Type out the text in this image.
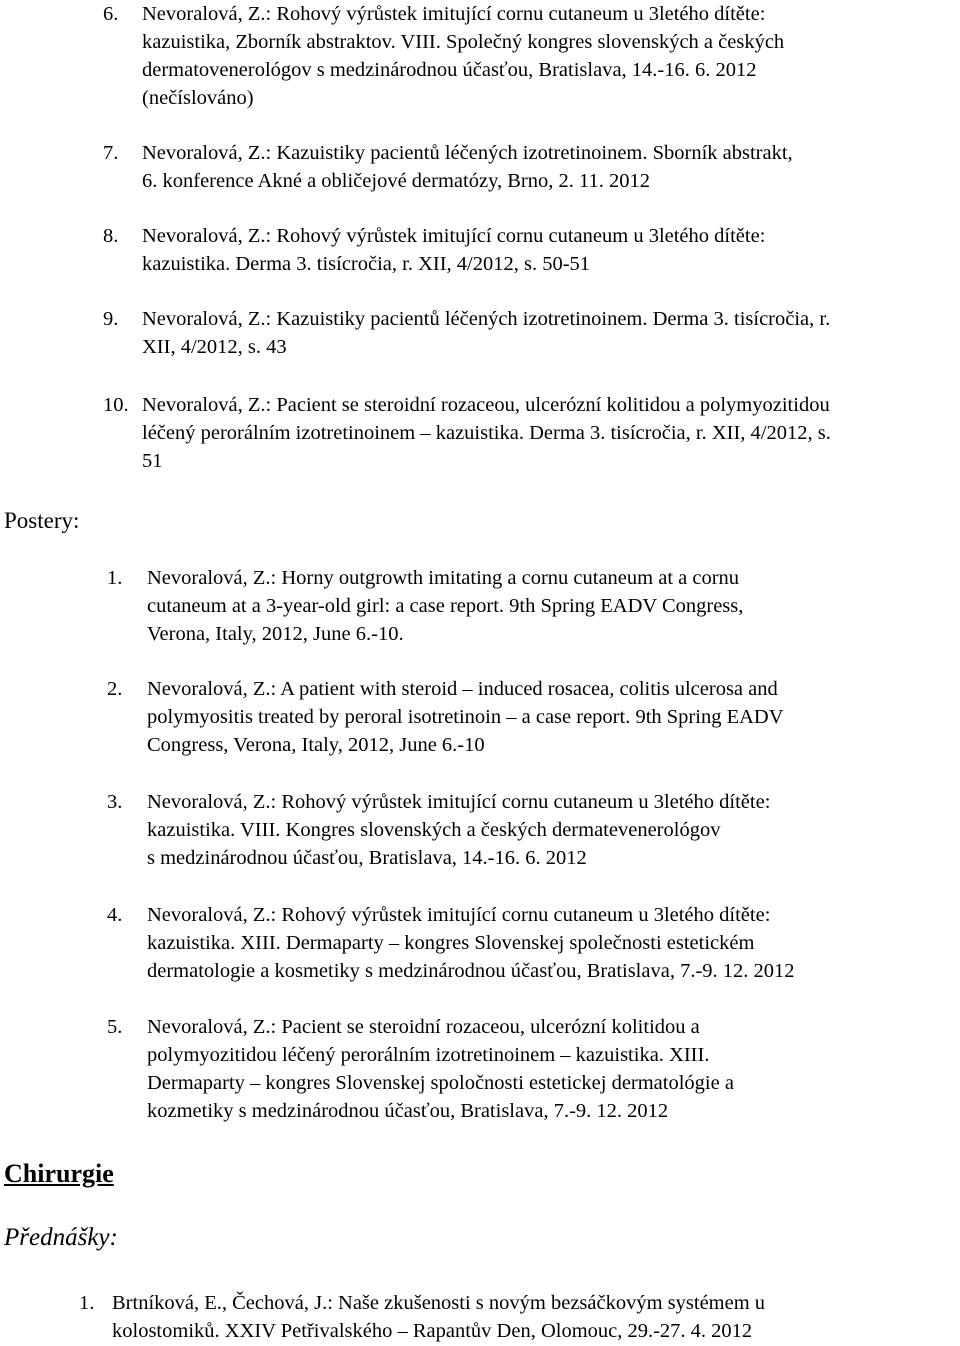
6. Nevoralová, Z.: Rohový výrůstek imitující cornu cutaneum u 3letého dítěte:
kazuistika, Zborník abstraktov. VIII. Společný kongres slovenských a českých
dermatovenerológov s medzinárodnou účasťou, Bratislava, 14.-16. 6. 2012
(nečíslováno)
7. Nevoralová, Z.: Kazuistiky pacientů léčených izotretinoinem. Sborník abstrakt,
6. konference Akné a obličejové dermatózy, Brno, 2. 11. 2012
8. Nevoralová, Z.: Rohový výrůstek imitující cornu cutaneum u 3letého dítěte:
kazuistika. Derma 3. tisícročia, r. XII, 4/2012, s. 50-51
9. Nevoralová, Z.: Kazuistiky pacientů léčených izotretinoinem. Derma 3. tisícročia, r.
XII, 4/2012, s. 43
10. Nevoralová, Z.: Pacient se steroidní rozaceou, ulcerózní kolitidou a polymyozitidou
léčený perorálním izotretinoinem – kazuistika. Derma 3. tisícročia, r. XII, 4/2012, s.
51
Postery:
1. Nevoralová, Z.: Horny outgrowth imitating a cornu cutaneum at a cornu
cutaneum at a 3-year-old girl: a case report. 9th Spring EADV Congress,
Verona, Italy, 2012, June 6.-10.
2. Nevoralová, Z.: A patient with steroid – induced rosacea, colitis ulcerosa and
polymyositis treated by peroral isotretinoin – a case report. 9th Spring EADV
Congress, Verona, Italy, 2012, June 6.-10
3. Nevoralová, Z.: Rohový výrůstek imitující cornu cutaneum u 3letého dítěte:
kazuistika. VIII. Kongres slovenských a českých dermatevenerológov
s medzinárodnou účasťou, Bratislava, 14.-16. 6. 2012
4. Nevoralová, Z.: Rohový výrůstek imitující cornu cutaneum u 3letého dítěte:
kazuistika. XIII. Dermaparty – kongres Slovenskej společnosti estetickém
dermatologie a kosmetiky s medzinárodnou účasťou, Bratislava, 7.-9. 12. 2012
5. Nevoralová, Z.: Pacient se steroidní rozaceou, ulcerózní kolitidou a
polymyozitidou léčený perorálním izotretinoinem – kazuistika. XIII.
Dermaparty – kongres Slovenskej spoločnosti estetickej dermatológie a
kozmetiky s medzinárodnou účasťou, Bratislava, 7.-9. 12. 2012
Chirurgie
Přednášky:
1. Brtníková, E., Čechová, J.: Naše zkušenosti s novým bezsáčkovým systémem u
kolostomiků. XXIV Petřivalského – Rapantův Den, Olomouc, 29.-27. 4. 2012
